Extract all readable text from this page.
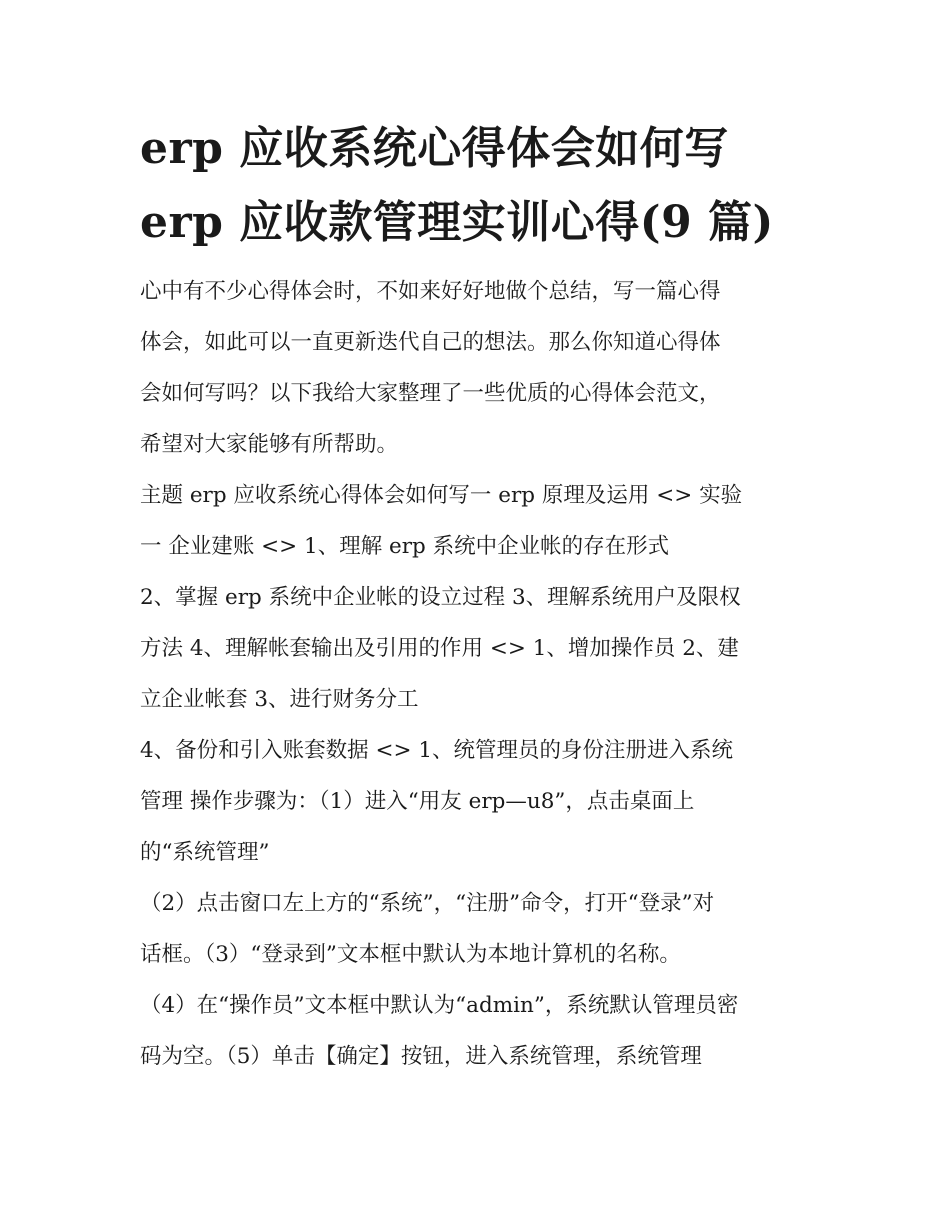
erp 应收系统心得体会如何写
erp 应收款管理实训心得(9 篇)

心中有不少心得体会时，不如来好好地做个总结，写一篇心得
体会，如此可以一直更新迭代自己的想法。那么你知道心得体
会如何写吗？以下我给大家整理了一些优质的心得体会范文，
希望对大家能够有所帮助。

主题 erp 应收系统心得体会如何写一 erp 原理及运用 <> 实验
一 企业建账 <> 1、理解 erp 系统中企业帐的存在形式

2、掌握 erp 系统中企业帐的设立过程 3、理解系统用户及限权
方法 4、理解帐套输出及引用的作用 <> 1、增加操作员 2、建
立企业帐套 3、进行财务分工

4、备份和引入账套数据 <> 1、统管理员的身份注册进入系统
管理 操作步骤为：（1）进入“用友 erp—u8”，点击桌面上
的“系统管理”

（2）点击窗口左上方的“系统”，“注册”命令，打开“登录”对
话框。（3）“登录到”文本框中默认为本地计算机的名称。
（4）在“操作员”文本框中默认为“admin”，系统默认管理员密
码为空。（5）单击【确定】按钮，进入系统管理，系统管理
